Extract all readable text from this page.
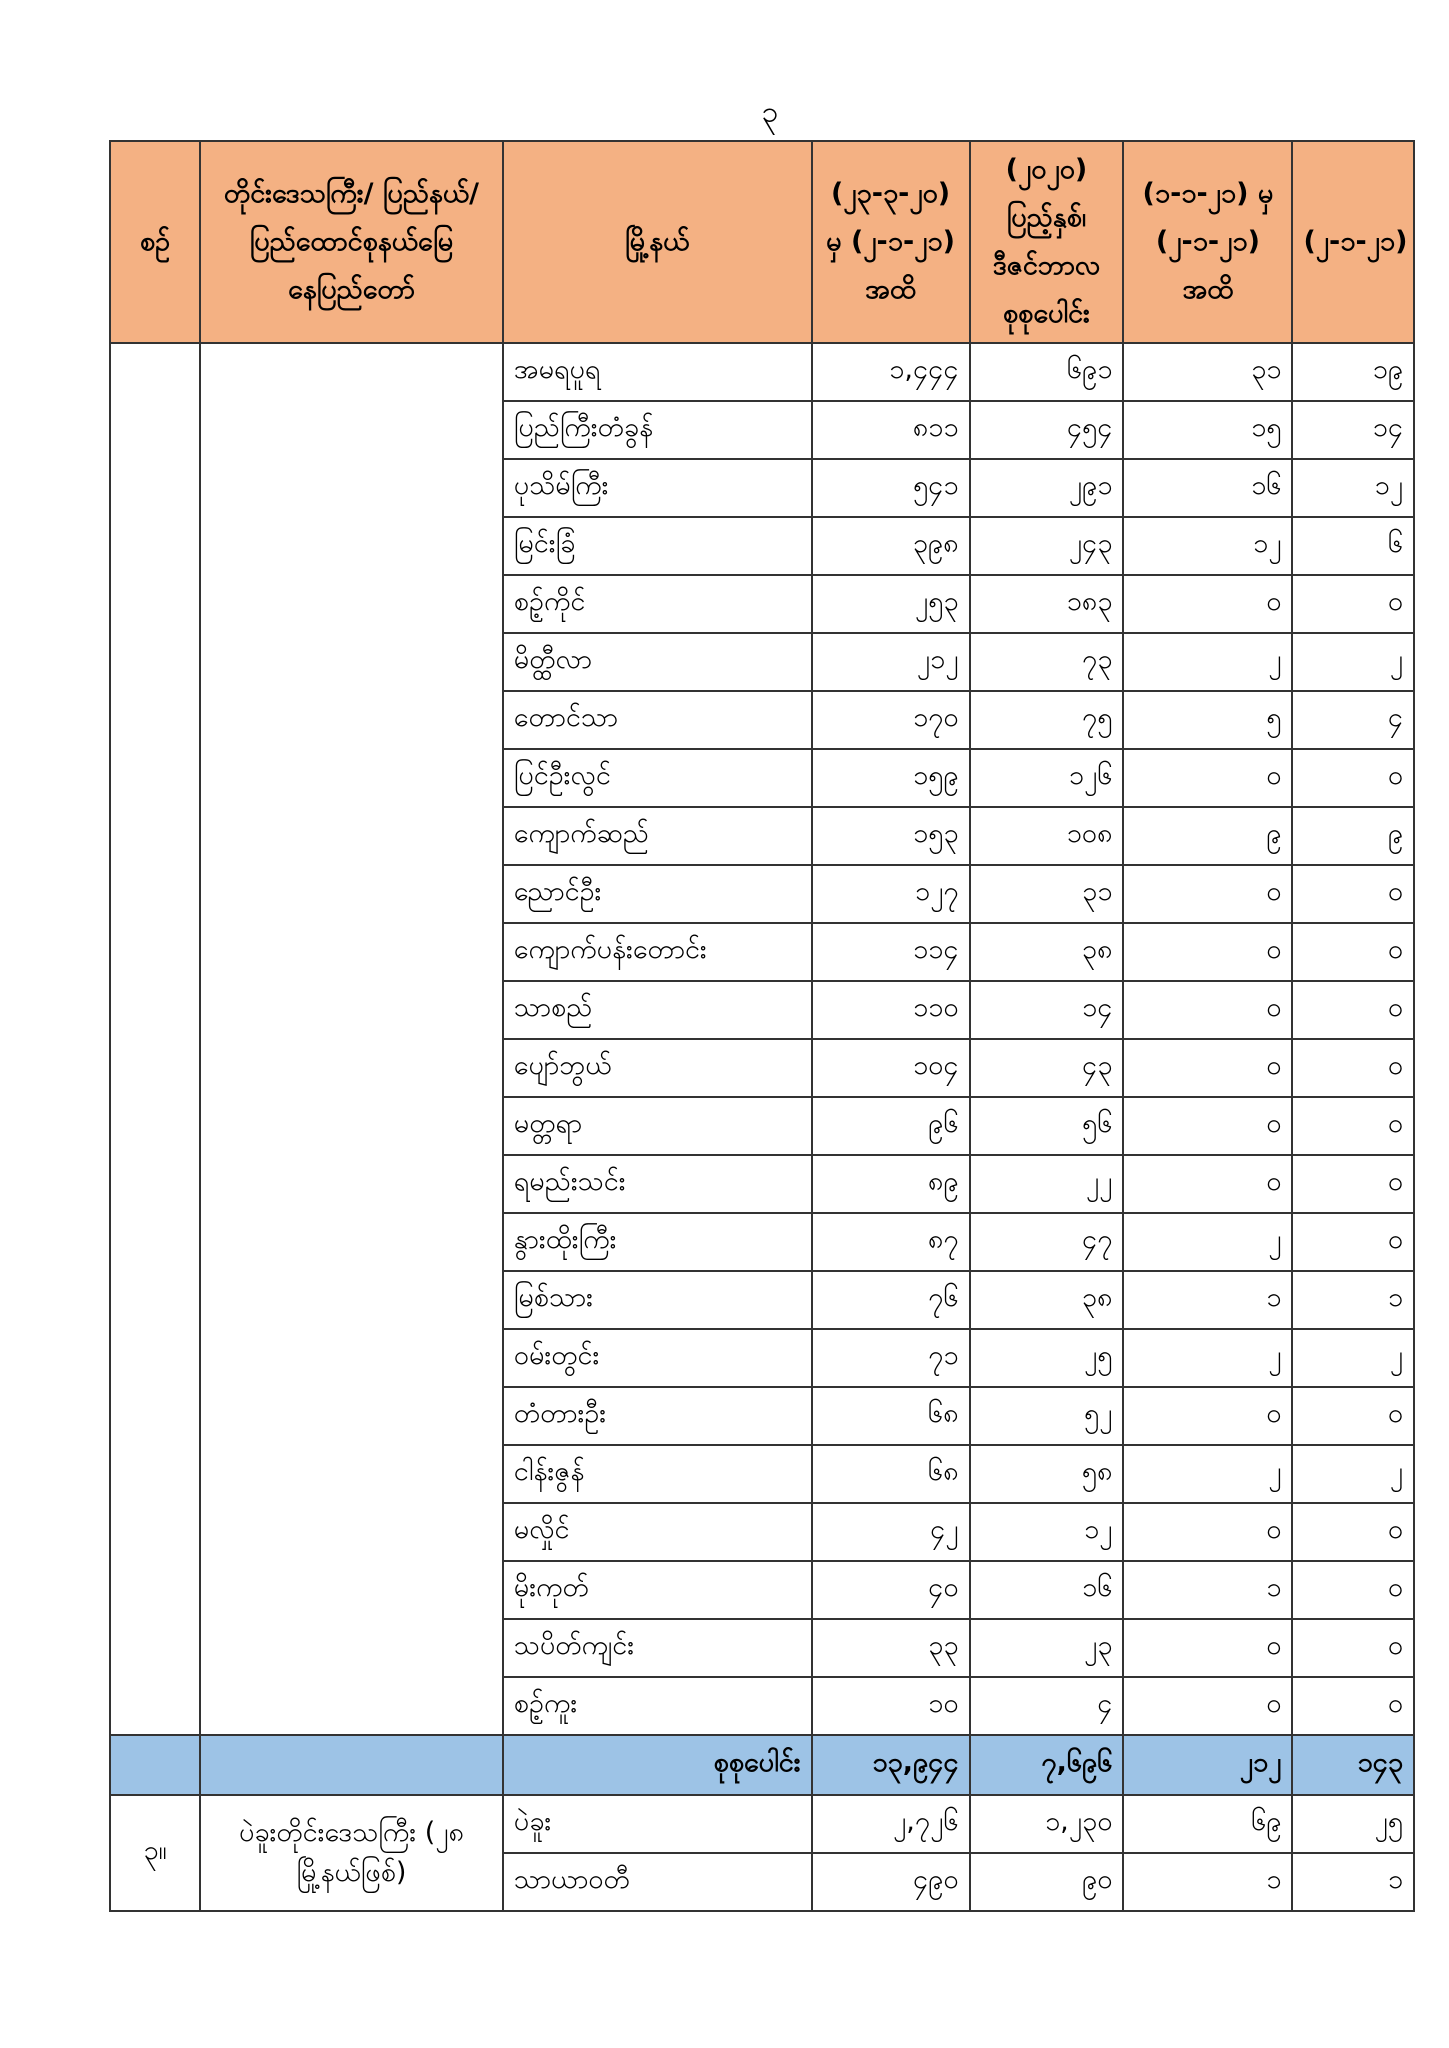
၃
စဉ်	တိုင်းဒေသကြီး/ ပြည်နယ်/ ပြည်ထောင်စုနယ်မြေ နေပြည်တော်	မြို့နယ်	(၂၃-၃-၂၀) မှ (၂-၁-၂၁) အထိ	(၂၀၂၀) ပြည့်နှစ်၊ ဒီဇင်ဘာလ စုစုပေါင်း	(၁-၁-၂၁) မှ (၂-၁-၂၁) အထိ	(၂-၁-၂၁)
		အမရပူရ	၁,၄၄၄	၆၉၁	၃၁	၁၉
		ပြည်ကြီးတံခွန်	၈၁၁	၄၅၄	၁၅	၁၄
		ပုသိမ်ကြီး	၅၄၁	၂၉၁	၁၆	၁၂
		မြင်းခြံ	၃၉၈	၂၄၃	၁၂	၆
		စဉ့်ကိုင်	၂၅၃	၁၈၃	၀	၀
		မိတ္ထီလာ	၂၁၂	၇၃	၂	၂
		တောင်သာ	၁၇၀	၇၅	၅	၄
		ပြင်ဦးလွင်	၁၅၉	၁၂၆	၀	၀
		ကျောက်ဆည်	၁၅၃	၁၀၈	၉	၉
		ညောင်ဦး	၁၂၇	၃၁	၀	၀
		ကျောက်ပန်းတောင်း	၁၁၄	၃၈	၀	၀
		သာစည်	၁၁၀	၁၄	၀	၀
		ပျော်ဘွယ်	၁၀၄	၄၃	၀	၀
		မတ္တရာ	၉၆	၅၆	၀	၀
		ရမည်းသင်း	၈၉	၂၂	၀	၀
		နွားထိုးကြီး	၈၇	၄၇	၂	၀
		မြစ်သား	၇၆	၃၈	၁	၁
		ဝမ်းတွင်း	၇၁	၂၅	၂	၂
		တံတားဦး	၆၈	၅၂	၀	၀
		ငါန်းဇွန်	၆၈	၅၈	၂	၂
		မလှိုင်	၄၂	၁၂	၀	၀
		မိုးကုတ်	၄၀	၁၆	၁	၀
		သပိတ်ကျင်း	၃၃	၂၃	၀	၀
		စဉ့်ကူး	၁၀	၄	၀	၀
		စုစုပေါင်း	၁၃,၉၄၄	၇,၆၉၆	၂၁၂	၁၄၃
၃။	ပဲခူးတိုင်းဒေသကြီး (၂၈ မြို့နယ်ဖြစ်)	ပဲခူး	၂,၇၂၆	၁,၂၃၀	၆၉	၂၅
		သာယာဝတီ	၄၉၀	၉၀	၁	၁
